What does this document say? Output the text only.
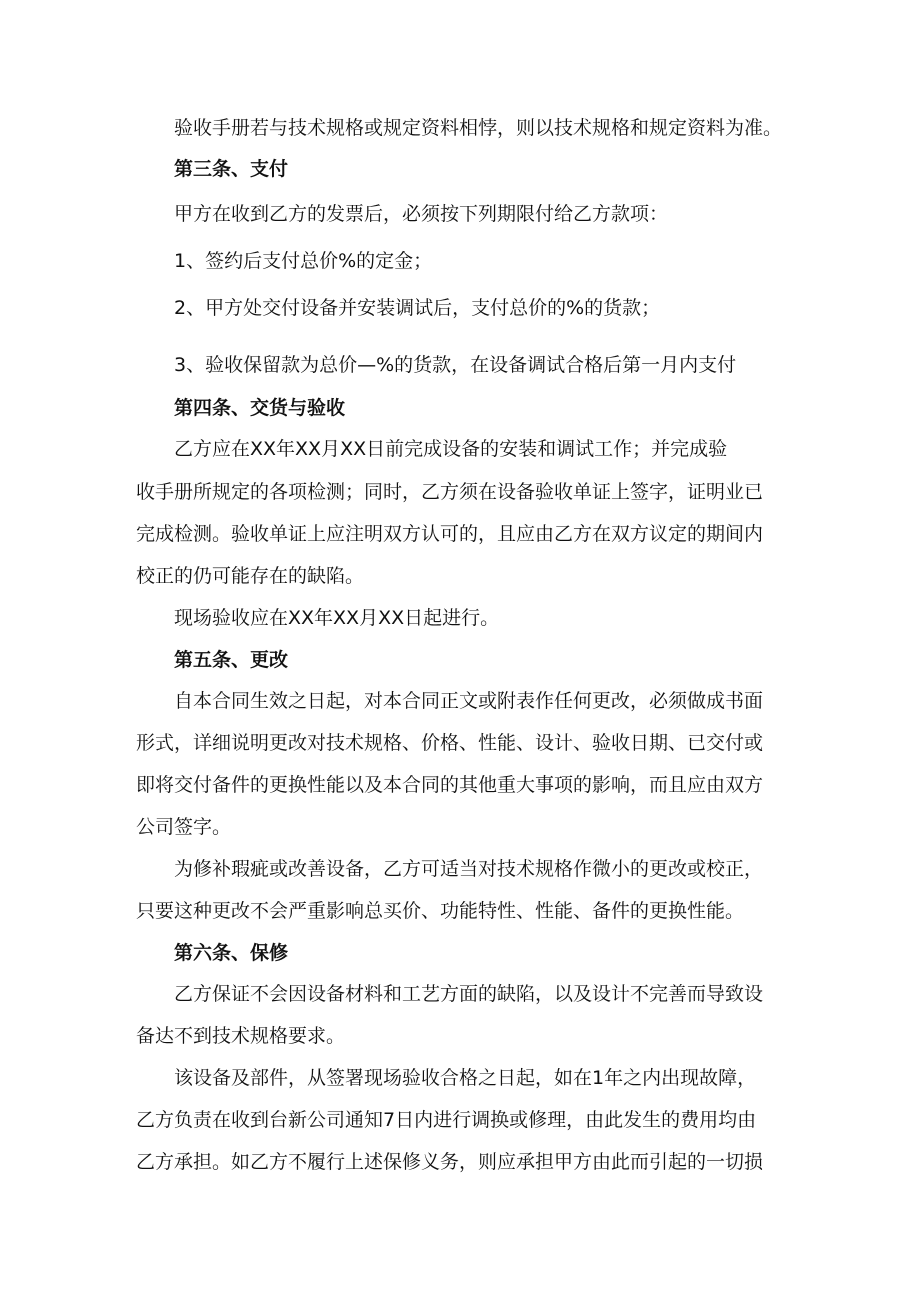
验收手册若与技术规格或规定资料相悖，则以技术规格和规定资料为准。
第三条、支付
甲方在收到乙方的发票后，必须按下列期限付给乙方款项：
1、签约后支付总价%的定金；
2、甲方处交付设备并安装调试后，支付总价的%的货款；
3、验收保留款为总价—%的货款，在设备调试合格后第一月内支付
第四条、交货与验收
乙方应在XX年XX月XX日前完成设备的安装和调试工作；并完成验
收手册所规定的各项检测；同时，乙方须在设备验收单证上签字，证明业已
完成检测。验收单证上应注明双方认可的，且应由乙方在双方议定的期间内
校正的仍可能存在的缺陷。
现场验收应在XX年XX月XX日起进行。
第五条、更改
自本合同生效之日起，对本合同正文或附表作任何更改，必须做成书面
形式，详细说明更改对技术规格、价格、性能、设计、验收日期、已交付或
即将交付备件的更换性能以及本合同的其他重大事项的影响，而且应由双方
公司签字。
为修补瑕疵或改善设备，乙方可适当对技术规格作微小的更改或校正，
只要这种更改不会严重影响总买价、功能特性、性能、备件的更换性能。
第六条、保修
乙方保证不会因设备材料和工艺方面的缺陷，以及设计不完善而导致设
备达不到技术规格要求。
该设备及部件，从签署现场验收合格之日起，如在1年之内出现故障，
乙方负责在收到台新公司通知7日内进行调换或修理，由此发生的费用均由
乙方承担。如乙方不履行上述保修义务，则应承担甲方由此而引起的一切损
